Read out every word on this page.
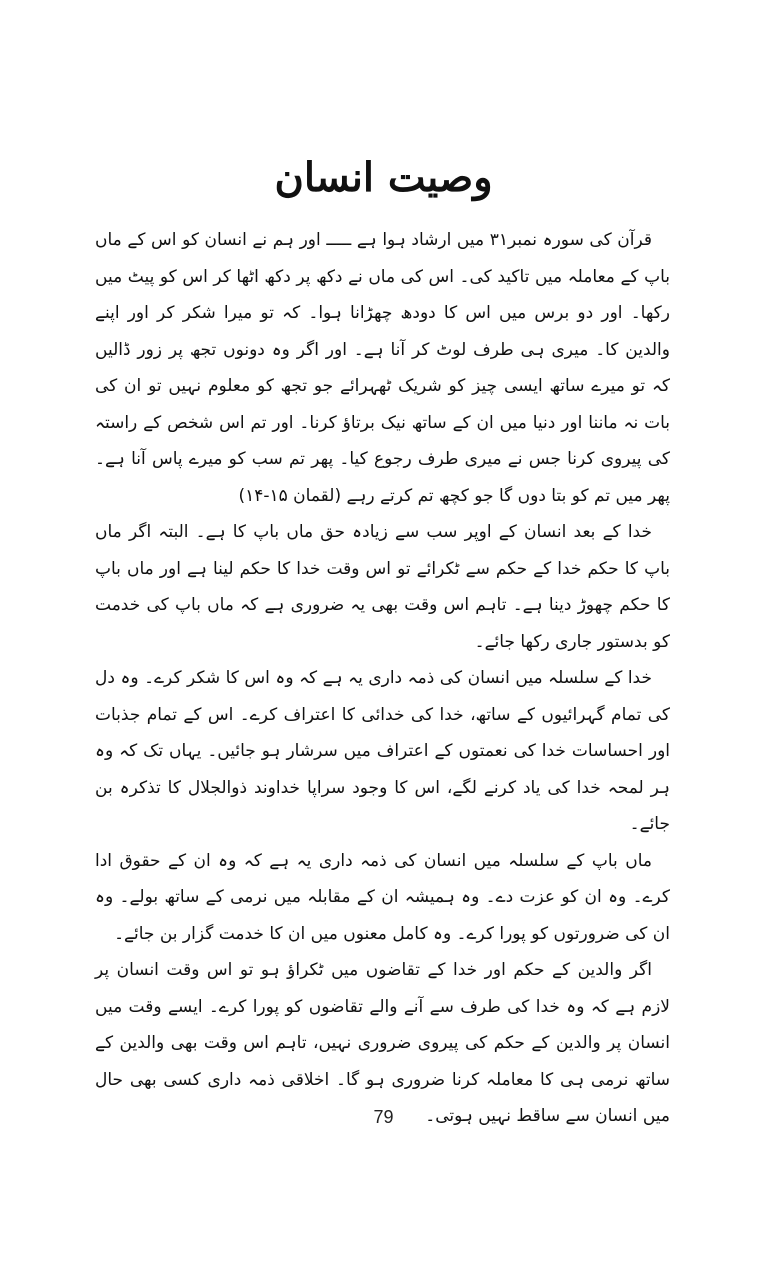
وصیت انسان

قرآن کی سورہ نمبر۳۱ میں ارشاد ہوا ہے ـــــ اور ہم نے انسان کو اس کے ماں باپ کے معاملہ میں تاکید کی۔ اس کی ماں نے دکھ پر دکھ اٹھا کر اس کو پیٹ میں رکھا۔ اور دو برس میں اس کا دودھ چھڑانا ہوا۔ کہ تو میرا شکر کر اور اپنے والدین کا۔ میری ہی طرف لوٹ کر آنا ہے۔ اور اگر وہ دونوں تجھ پر زور ڈالیں کہ تو میرے ساتھ ایسی چیز کو شریک ٹھہرائے جو تجھ کو معلوم نہیں تو ان کی بات نہ ماننا اور دنیا میں ان کے ساتھ نیک برتاؤ کرنا۔ اور تم اس شخص کے راستہ کی پیروی کرنا جس نے میری طرف رجوع کیا۔ پھر تم سب کو میرے پاس آنا ہے۔ پھر میں تم کو بتا دوں گا جو کچھ تم کرتے رہے (لقمان ۱۵-۱۴)

خدا کے بعد انسان کے اوپر سب سے زیادہ حق ماں باپ کا ہے۔ البتہ اگر ماں باپ کا حکم خدا کے حکم سے ٹکرائے تو اس وقت خدا کا حکم لینا ہے اور ماں باپ کا حکم چھوڑ دینا ہے۔ تاہم اس وقت بھی یہ ضروری ہے کہ ماں باپ کی خدمت کو بدستور جاری رکھا جائے۔

خدا کے سلسلہ میں انسان کی ذمہ داری یہ ہے کہ وہ اس کا شکر کرے۔ وہ دل کی تمام گہرائیوں کے ساتھ، خدا کی خدائی کا اعتراف کرے۔ اس کے تمام جذبات اور احساسات خدا کی نعمتوں کے اعتراف میں سرشار ہو جائیں۔ یہاں تک کہ وہ ہر لمحہ خدا کی یاد کرنے لگے، اس کا وجود سراپا خداوند ذوالجلال کا تذکرہ بن جائے۔

ماں باپ کے سلسلہ میں انسان کی ذمہ داری یہ ہے کہ وہ ان کے حقوق ادا کرے۔ وہ ان کو عزت دے۔ وہ ہمیشہ ان کے مقابلہ میں نرمی کے ساتھ بولے۔ وہ ان کی ضرورتوں کو پورا کرے۔ وہ کامل معنوں میں ان کا خدمت گزار بن جائے۔

اگر والدین کے حکم اور خدا کے تقاضوں میں ٹکراؤ ہو تو اس وقت انسان پر لازم ہے کہ وہ خدا کی طرف سے آنے والے تقاضوں کو پورا کرے۔ ایسے وقت میں انسان پر والدین کے حکم کی پیروی ضروری نہیں، تاہم اس وقت بھی والدین کے ساتھ نرمی ہی کا معاملہ کرنا ضروری ہو گا۔ اخلاقی ذمہ داری کسی بھی حال میں انسان سے ساقط نہیں ہوتی۔

79
